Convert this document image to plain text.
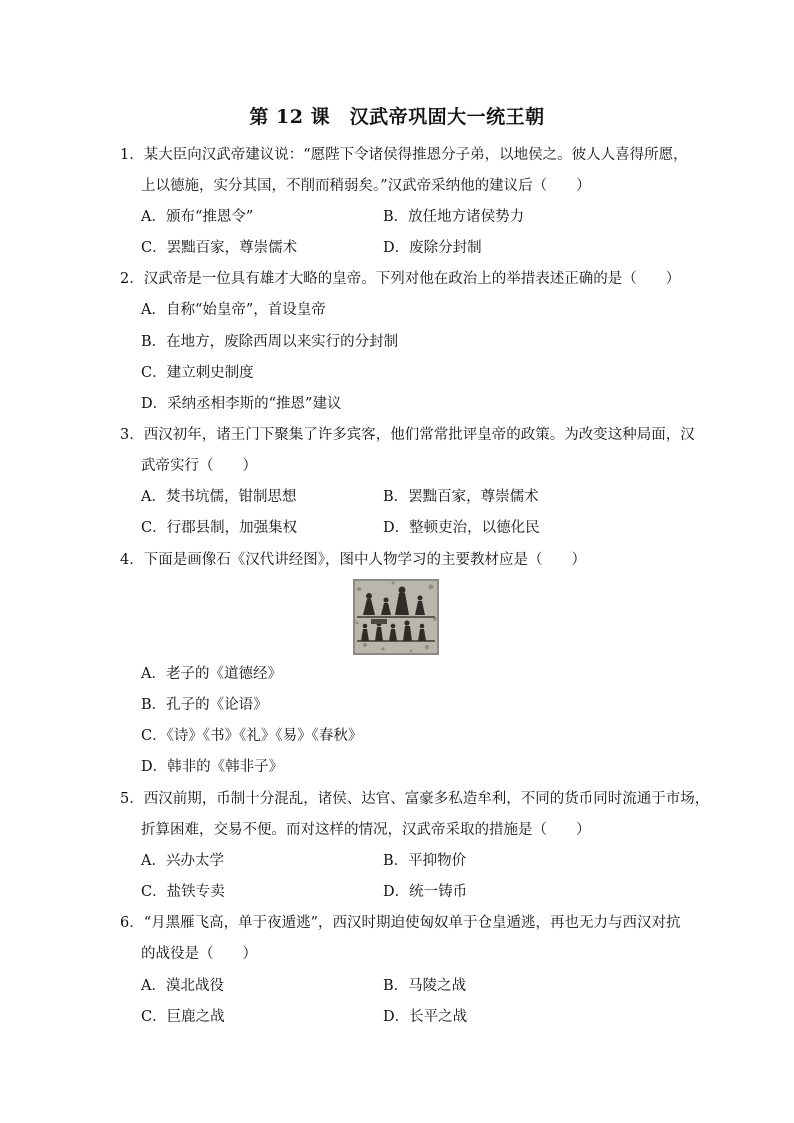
第 12 课　汉武帝巩固大一统王朝
1．某大臣向汉武帝建议说：“愿陛下令诸侯得推恩分子弟，以地侯之。彼人人喜得所愿，
上以德施，实分其国，不削而稍弱矣。”汉武帝采纳他的建议后（　　）
A．颁布“推恩令”	B．放任地方诸侯势力
C．罢黜百家，尊崇儒术	D．废除分封制
2．汉武帝是一位具有雄才大略的皇帝。下列对他在政治上的举措表述正确的是（　　）
A．自称“始皇帝”，首设皇帝
B．在地方，废除西周以来实行的分封制
C．建立刺史制度
D．采纳丞相李斯的“推恩”建议
3．西汉初年，诸王门下聚集了许多宾客，他们常常批评皇帝的政策。为改变这种局面，汉
武帝实行（　　）
A．焚书坑儒，钳制思想	B．罢黜百家，尊崇儒术
C．行郡县制，加强集权	D．整顿吏治，以德化民
4．下面是画像石《汉代讲经图》，图中人物学习的主要教材应是（　　）
A．老子的《道德经》
B．孔子的《论语》
C．《诗》《书》《礼》《易》《春秋》
D．韩非的《韩非子》
5．西汉前期，币制十分混乱，诸侯、达官、富豪多私造牟利，不同的货币同时流通于市场，
折算困难，交易不便。而对这样的情况，汉武帝采取的措施是（　　）
A．兴办太学	B．平抑物价
C．盐铁专卖	D．统一铸币
6．“月黑雁飞高，单于夜遁逃”，西汉时期迫使匈奴单于仓皇遁逃，再也无力与西汉对抗
的战役是（　　）
A．漠北战役	B．马陵之战
C．巨鹿之战	D．长平之战
